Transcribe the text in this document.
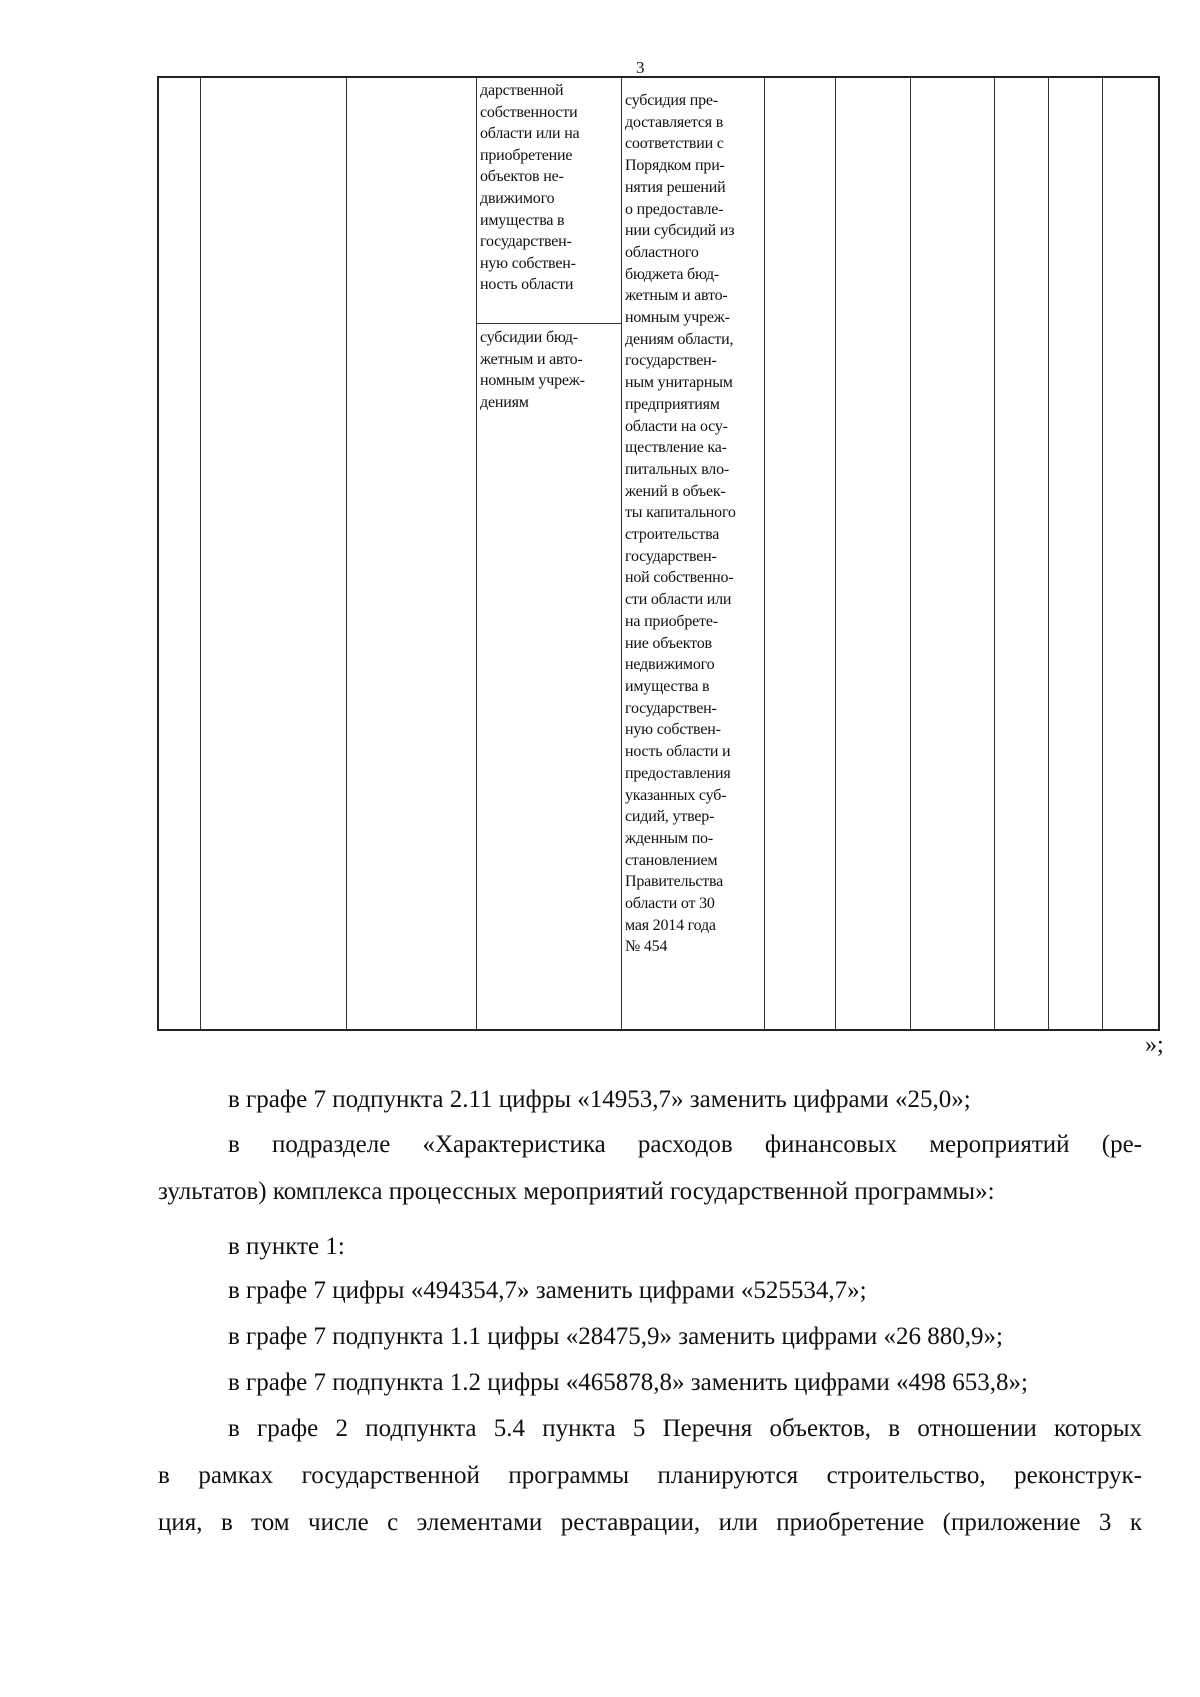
3
дарственной
собственности
области или на
приобретение
объектов не-
движимого
имущества в
государствен-
ную собствен-
ность области
субсидии бюд-
жетным и авто-
номным учреж-
дениям
субсидия пре-
доставляется в
соответствии с
Порядком при-
нятия решений
о предоставле-
нии субсидий из
областного
бюджета бюд-
жетным и авто-
номным учреж-
дениям области,
государствен-
ным унитарным
предприятиям
области на осу-
ществление ка-
питальных вло-
жений в объек-
ты капитального
строительства
государствен-
ной собственно-
сти области или
на приобрете-
ние объектов
недвижимого
имущества в
государствен-
ную собствен-
ность области и
предоставления
указанных суб-
сидий, утвер-
жденным по-
становлением
Правительства
области от 30
мая 2014 года
№ 454
»;
в графе 7 подпункта 2.11 цифры «14953,7» заменить цифрами «25,0»;
в подразделе «Характеристика расходов финансовых мероприятий (ре-
зультатов) комплекса процессных мероприятий государственной программы»:
в пункте 1:
в графе 7 цифры «494354,7» заменить цифрами «525534,7»;
в графе 7 подпункта 1.1 цифры «28475,9» заменить цифрами «26 880,9»;
в графе 7 подпункта 1.2 цифры «465878,8» заменить цифрами «498 653,8»;
в графе 2 подпункта 5.4 пункта 5 Перечня объектов, в отношении которых
в рамках государственной программы планируются строительство, реконструк-
ция, в том числе с элементами реставрации, или приобретение (приложение 3 к
